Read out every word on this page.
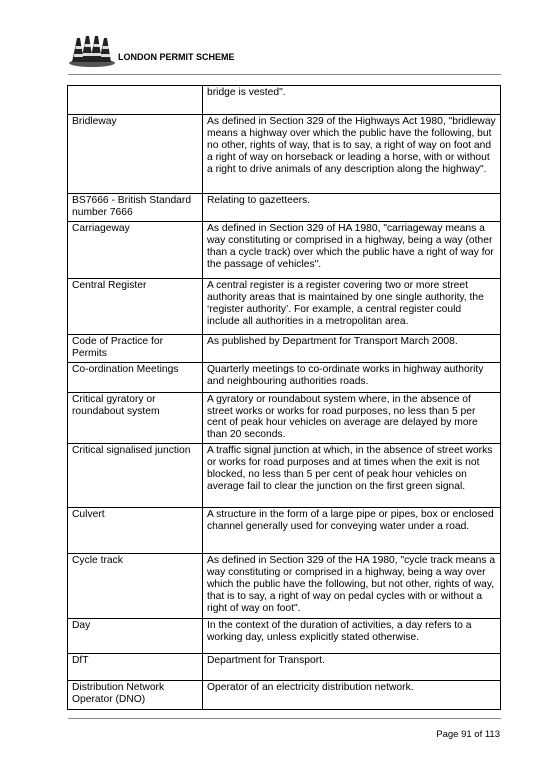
LONDON PERMIT SCHEME
	bridge is vested".
Bridleway	As defined in Section 329 of the Highways Act 1980, "bridleway means a highway over which the public have the following, but no other, rights of way, that is to say, a right of way on foot and a right of way on horseback or leading a horse, with or without a right to drive animals of any description along the highway".
BS7666 - British Standard number 7666	Relating to gazetteers.
Carriageway	As defined in Section 329 of HA 1980, "carriageway means a way constituting or comprised in a highway, being a way (other than a cycle track) over which the public have a right of way for the passage of vehicles".
Central Register	A central register is a register covering two or more street authority areas that is maintained by one single authority, the ‘register authority’. For example, a central register could include all authorities in a metropolitan area.
Code of Practice for Permits	As published by Department for Transport March 2008.
Co-ordination Meetings	Quarterly meetings to co-ordinate works in highway authority and neighbouring authorities roads.
Critical gyratory or roundabout system	A gyratory or roundabout system where, in the absence of street works or works for road purposes, no less than 5 per cent of peak hour vehicles on average are delayed by more than 20 seconds.
Critical signalised junction	A traffic signal junction at which, in the absence of street works or works for road purposes and at times when the exit is not blocked, no less than 5 per cent of peak hour vehicles on average fail to clear the junction on the first green signal.
Culvert	A structure in the form of a large pipe or pipes, box or enclosed channel generally used for conveying water under a road.
Cycle track	As defined in Section 329 of the HA 1980, "cycle track means a way constituting or comprised in a highway, being a way over which the public have the following, but not other, rights of way, that is to say, a right of way on pedal cycles with or without a right of way on foot".
Day	In the context of the duration of activities, a day refers to a working day, unless explicitly stated otherwise.
DfT	Department for Transport.
Distribution Network Operator (DNO)	Operator of an electricity distribution network.
Page 91 of 113
